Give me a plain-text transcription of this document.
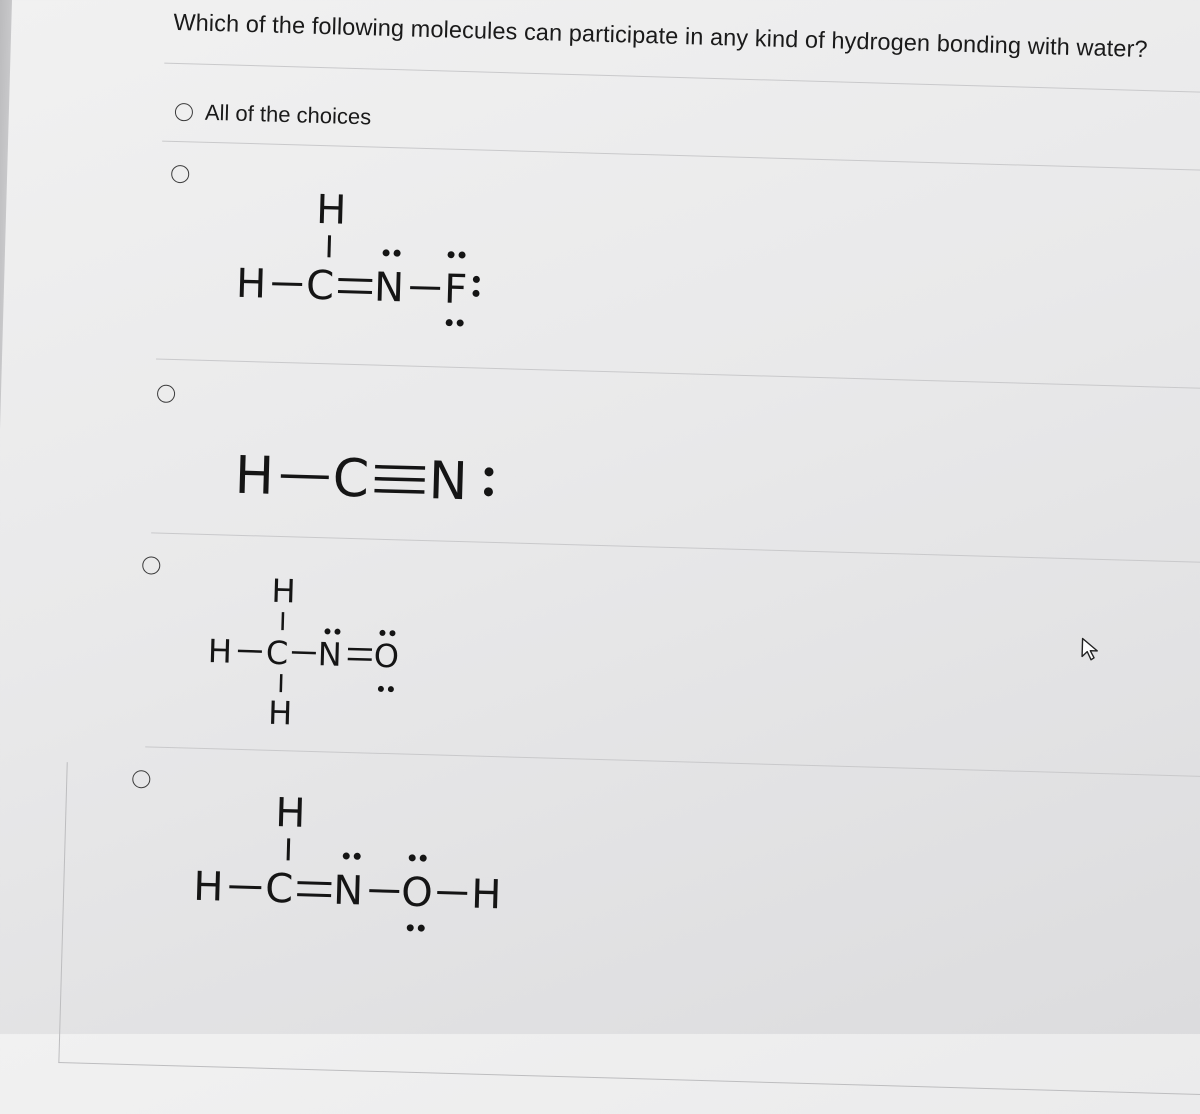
Which of the following molecules can participate in any kind of hydrogen bonding with water?
All of the choices

H
H C N F

H C N

H
H C N O
H

H
H C N O H
